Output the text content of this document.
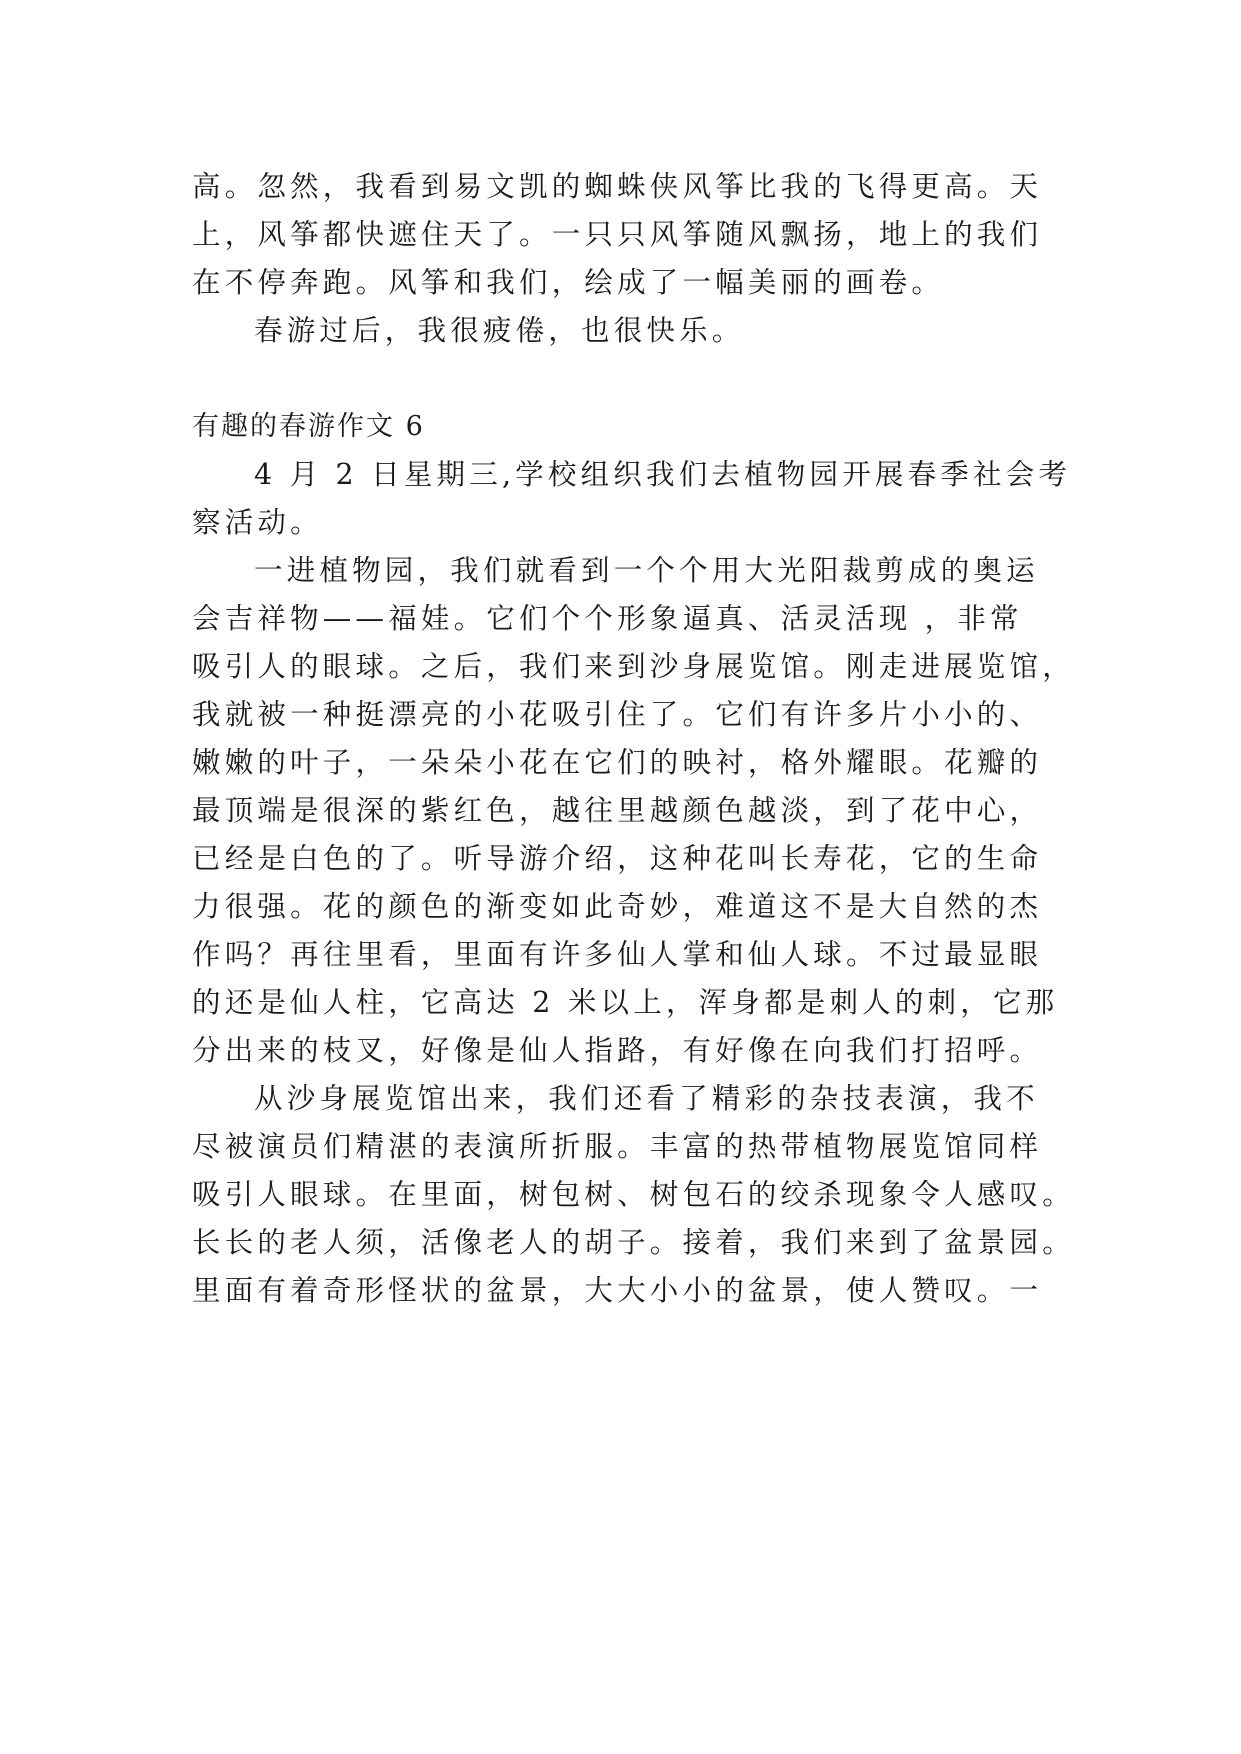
高。忽然，我看到易文凯的蜘蛛侠风筝比我的飞得更高。天
上，风筝都快遮住天了。一只只风筝随风飘扬，地上的我们
在不停奔跑。风筝和我们，绘成了一幅美丽的画卷。
春游过后，我很疲倦，也很快乐。
有趣的春游作文 6
4 月 2 日星期三,学校组织我们去植物园开展春季社会考
察活动。
一进植物园，我们就看到一个个用大光阳裁剪成的奥运
会吉祥物——福娃。它们个个形象逼真、活灵活现 ，非常
吸引人的眼球。之后，我们来到沙身展览馆。刚走进展览馆，
我就被一种挺漂亮的小花吸引住了。它们有许多片小小的、
嫩嫩的叶子，一朵朵小花在它们的映衬，格外耀眼。花瓣的
最顶端是很深的紫红色，越往里越颜色越淡，到了花中心，
已经是白色的了。听导游介绍，这种花叫长寿花，它的生命
力很强。花的颜色的渐变如此奇妙，难道这不是大自然的杰
作吗？再往里看，里面有许多仙人掌和仙人球。不过最显眼
的还是仙人柱，它高达 2 米以上，浑身都是刺人的刺，它那
分出来的枝叉，好像是仙人指路，有好像在向我们打招呼。
从沙身展览馆出来，我们还看了精彩的杂技表演，我不
尽被演员们精湛的表演所折服。丰富的热带植物展览馆同样
吸引人眼球。在里面，树包树、树包石的绞杀现象令人感叹。
长长的老人须，活像老人的胡子。接着，我们来到了盆景园。
里面有着奇形怪状的盆景，大大小小的盆景，使人赞叹。一
